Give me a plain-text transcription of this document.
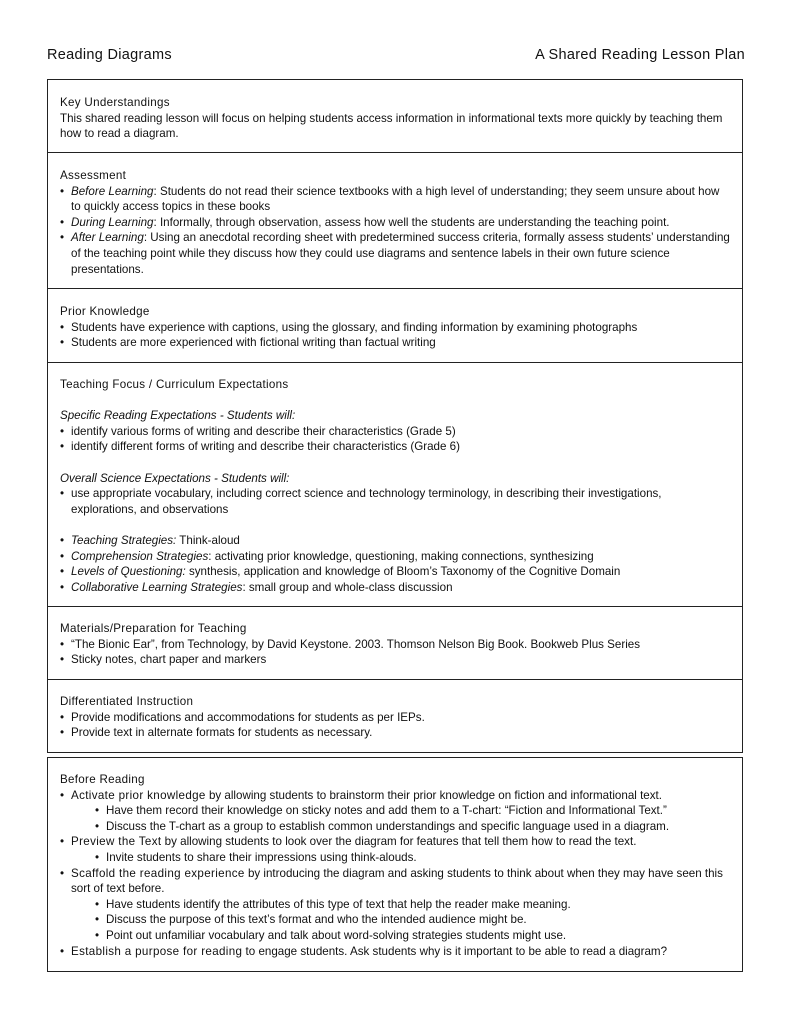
Reading Diagrams	A Shared Reading Lesson Plan
Key Understandings

This shared reading lesson will focus on helping students access information in informational texts more quickly by teaching them how to read a diagram.

Assessment
• Before Learning: Students do not read their science textbooks with a high level of understanding; they seem unsure about how to quickly access topics in these books
• During Learning: Informally, through observation, assess how well the students are understanding the teaching point.
• After Learning: Using an anecdotal recording sheet with predetermined success criteria, formally assess students’ understanding of the teaching point while they discuss how they could use diagrams and sentence labels in their own future science presentations.
Prior Knowledge
• Students have experience with captions, using the glossary, and finding information by examining photographs
• Students are more experienced with fictional writing than factual writing
Teaching Focus / Curriculum Expectations
Specific Reading Expectations - Students will:
• identify various forms of writing and describe their characteristics (Grade 5)
• identify different forms of writing and describe their characteristics (Grade 6)
Overall Science Expectations - Students will:
• use appropriate vocabulary, including correct science and technology terminology, in describing their investigations, explorations, and observations
• Teaching Strategies: Think-aloud
• Comprehension Strategies: activating prior knowledge, questioning, making connections, synthesizing
• Levels of Questioning: synthesis, application and knowledge of Bloom’s Taxonomy of the Cognitive Domain
• Collaborative Learning Strategies: small group and whole-class discussion
Materials/Preparation for Teaching
• “The Bionic Ear”, from Technology, by David Keystone. 2003. Thomson Nelson Big Book. Bookweb Plus Series
• Sticky notes, chart paper and markers
Differentiated Instruction
• Provide modifications and accommodations for students as per IEPs.
• Provide text in alternate formats for students as necessary.
Before Reading
• Activate prior knowledge by allowing students to brainstorm their prior knowledge on fiction and informational text.
• Have them record their knowledge on sticky notes and add them to a T-chart: “Fiction and Informational Text.”
• Discuss the T-chart as a group to establish common understandings and specific language used in a diagram.
• Preview the Text by allowing students to look over the diagram for features that tell them how to read the text.
• Invite students to share their impressions using think-alouds.
• Scaffold the reading experience by introducing the diagram and asking students to think about when they may have seen this sort of text before.
• Have students identify the attributes of this type of text that help the reader make meaning.
• Discuss the purpose of this text’s format and who the intended audience might be.
• Point out unfamiliar vocabulary and talk about word-solving strategies students might use.
• Establish a purpose for reading to engage students. Ask students why is it important to be able to read a diagram?
